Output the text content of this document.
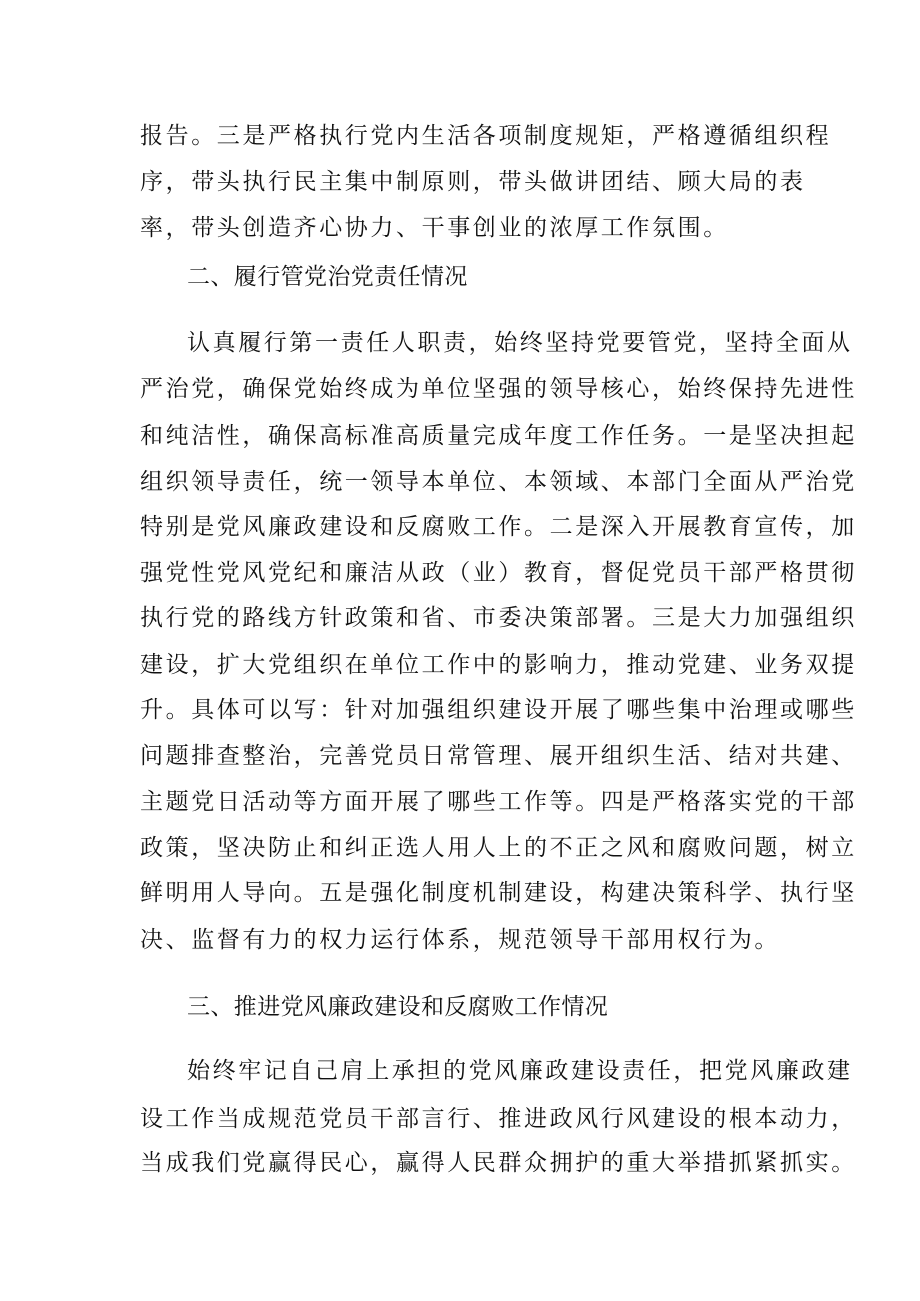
报告。三是严格执行党内生活各项制度规矩，严格遵循组织程
序，带头执行民主集中制原则，带头做讲团结、顾大局的表
率，带头创造齐心协力、干事创业的浓厚工作氛围。
二、履行管党治党责任情况
认真履行第一责任人职责，始终坚持党要管党，坚持全面从
严治党，确保党始终成为单位坚强的领导核心，始终保持先进性
和纯洁性，确保高标准高质量完成年度工作任务。一是坚决担起
组织领导责任，统一领导本单位、本领域、本部门全面从严治党
特别是党风廉政建设和反腐败工作。二是深入开展教育宣传，加
强党性党风党纪和廉洁从政（业）教育，督促党员干部严格贯彻
执行党的路线方针政策和省、市委决策部署。三是大力加强组织
建设，扩大党组织在单位工作中的影响力，推动党建、业务双提
升。具体可以写：针对加强组织建设开展了哪些集中治理或哪些
问题排查整治，完善党员日常管理、展开组织生活、结对共建、
主题党日活动等方面开展了哪些工作等。四是严格落实党的干部
政策，坚决防止和纠正选人用人上的不正之风和腐败问题，树立
鲜明用人导向。五是强化制度机制建设，构建决策科学、执行坚
决、监督有力的权力运行体系，规范领导干部用权行为。
三、推进党风廉政建设和反腐败工作情况
始终牢记自己肩上承担的党风廉政建设责任，把党风廉政建
设工作当成规范党员干部言行、推进政风行风建设的根本动力，
当成我们党赢得民心，赢得人民群众拥护的重大举措抓紧抓实。
